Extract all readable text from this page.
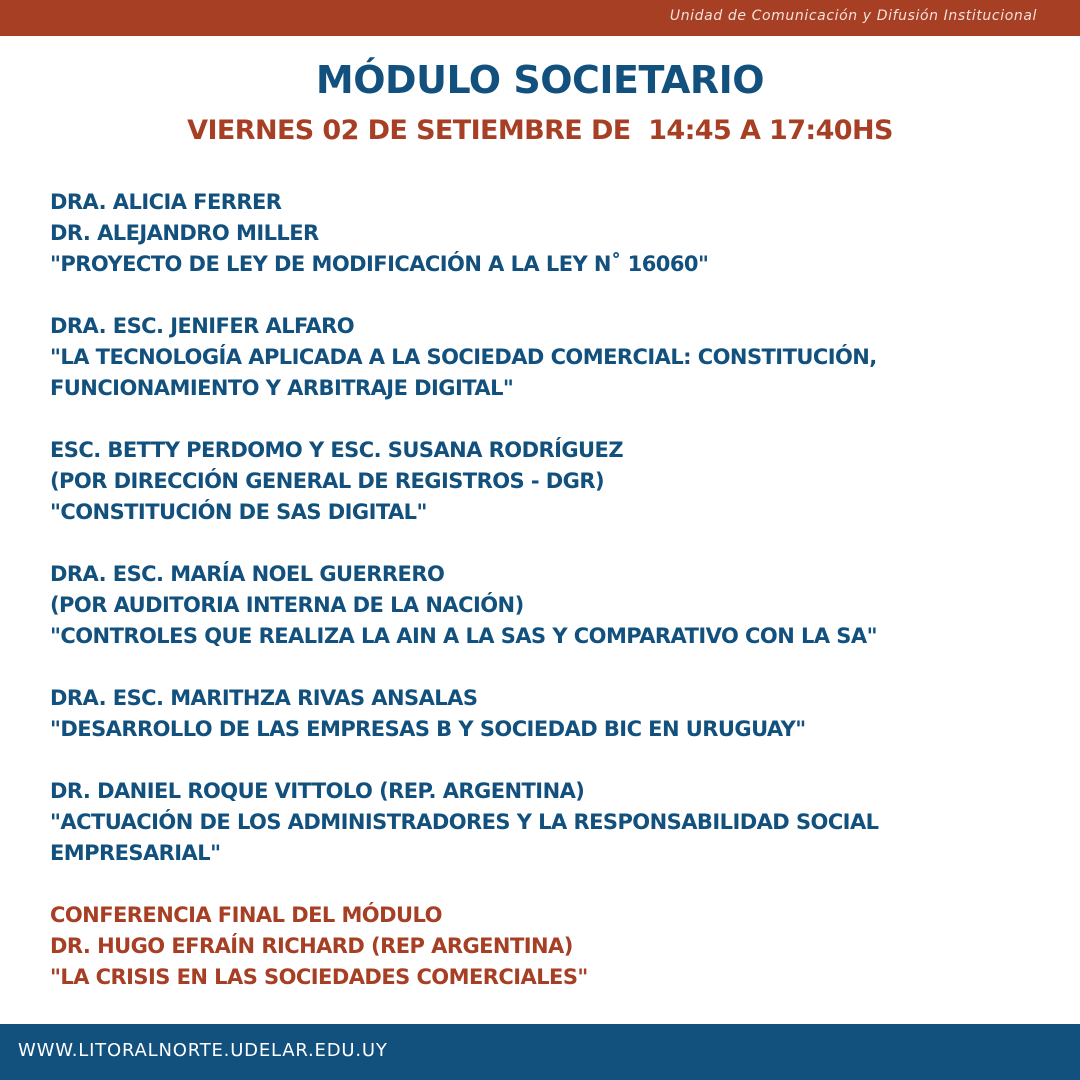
Unidad de Comunicación y Difusión Institucional
MÓDULO SOCIETARIO
VIERNES 02 DE SETIEMBRE DE  14:45 A 17:40HS
DRA. ALICIA FERRER
DR. ALEJANDRO MILLER
"PROYECTO DE LEY DE MODIFICACIÓN A LA LEY N˚ 16060"
DRA. ESC. JENIFER ALFARO
"LA TECNOLOGÍA APLICADA A LA SOCIEDAD COMERCIAL: CONSTITUCIÓN,
FUNCIONAMIENTO Y ARBITRAJE DIGITAL"
ESC. BETTY PERDOMO Y ESC. SUSANA RODRÍGUEZ
(POR DIRECCIÓN GENERAL DE REGISTROS - DGR)
"CONSTITUCIÓN DE SAS DIGITAL"
DRA. ESC. MARÍA NOEL GUERRERO
(POR AUDITORIA INTERNA DE LA NACIÓN)
"CONTROLES QUE REALIZA LA AIN A LA SAS Y COMPARATIVO CON LA SA"
DRA. ESC. MARITHZA RIVAS ANSALAS
"DESARROLLO DE LAS EMPRESAS B Y SOCIEDAD BIC EN URUGUAY"
DR. DANIEL ROQUE VITTOLO (REP. ARGENTINA)
"ACTUACIÓN DE LOS ADMINISTRADORES Y LA RESPONSABILIDAD SOCIAL
EMPRESARIAL"
CONFERENCIA FINAL DEL MÓDULO
DR. HUGO EFRAÍN RICHARD (REP ARGENTINA)
"LA CRISIS EN LAS SOCIEDADES COMERCIALES"
WWW.LITORALNORTE.UDELAR.EDU.UY
